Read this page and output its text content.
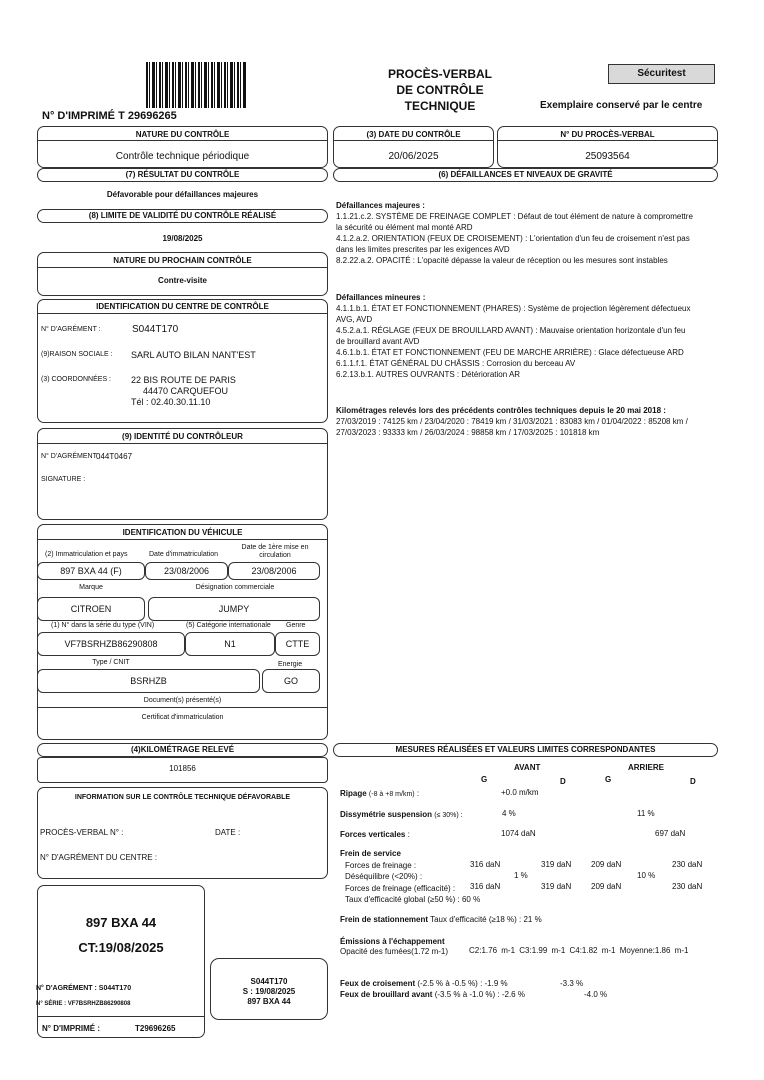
N° D'IMPRIMÉ T 29696265
PROCÈS-VERBAL
DE CONTRÔLE TECHNIQUE
Sécuritest
Exemplaire conservé par le centre
NATURE DU CONTRÔLE
Contrôle technique périodique
(3) DATE DU CONTRÔLE
20/06/2025
N° DU PROCÈS-VERBAL
25093564
(7) RÉSULTAT DU CONTRÔLE
Défavorable pour défaillances majeures
(6) DÉFAILLANCES ET NIVEAUX DE GRAVITÉ
(8) LIMITE DE VALIDITÉ DU CONTRÔLE RÉALISÉ
19/08/2025
NATURE DU PROCHAIN CONTRÔLE
Contre-visite
IDENTIFICATION DU CENTRE DE CONTRÔLE
N° D'AGRÉMENT :	S044T170
(9)RAISON SOCIALE : SARL AUTO BILAN NANT'EST
(3) COORDONNÉES : 22 BIS ROUTE DE PARIS
44470 CARQUEFOU
Tél : 02.40.30.11.10
(9) IDENTITÉ DU CONTRÔLEUR
N° D'AGRÉMENT :
044T0467
SIGNATURE :
IDENTIFICATION DU VÉHICULE
(2) Immatriculation et pays	Date d'immatriculation
Date de 1ère mise en circulation
897 BXA 44 (F)	23/08/2006	23/08/2006
Marque	Désignation commerciale
CITROEN	JUMPY
(1) N° dans la série du type (VIN)	(5) Catégorie internationale Genre
VF7BSRHZB86290808	N1	CTTE
Type / CNIT	Energie
BSRHZB	GO
Document(s) présenté(s)
Certificat d'immatriculation
(4)KILOMÉTRAGE RELEVÉ
101856
INFORMATION SUR LE CONTRÔLE TECHNIQUE DÉFAVORABLE
PROCÈS-VERBAL N° :	DATE :
N° D'AGRÉMENT DU CENTRE :
897 BXA 44
CT:19/08/2025
N° D'AGRÉMENT : S044T170
N° SÉRIE : VF7BSRHZB86290808
N° D'IMPRIMÉ :	T29696265
S044T170
S : 19/08/2025
897 BXA 44
Défaillances majeures :
1.1.21.c.2. SYSTÈME DE FREINAGE COMPLET : Défaut de tout élément de nature à compromettre la sécurité ou élément mal monté ARD
4.1.2.a.2. ORIENTATION (FEUX DE CROISEMENT) : L'orientation d'un feu de croisement n'est pas dans les limites prescrites par les exigences AVD
8.2.22.a.2. OPACITÉ : L'opacité dépasse la valeur de réception ou les mesures sont instables
Défaillances mineures :
4.1.1.b.1. ÉTAT ET FONCTIONNEMENT (PHARES) : Système de projection légèrement défectueux AVG, AVD
4.5.2.a.1. RÉGLAGE (FEUX DE BROUILLARD AVANT) : Mauvaise orientation horizontale d'un feu de brouillard avant AVD
4.6.1.b.1. ÉTAT ET FONCTIONNEMENT (FEU DE MARCHE ARRIÈRE) : Glace défectueuse ARD
6.1.1.f.1. ÉTAT GÉNÉRAL DU CHÂSSIS : Corrosion du berceau AV
6.2.13.b.1. AUTRES OUVRANTS : Détérioration AR
Kilométrages relevés lors des précédents contrôles techniques depuis le 20 mai 2018 : 27/03/2019 : 74125 km / 23/04/2020 : 78419 km / 31/03/2021 : 83083 km / 01/04/2022 : 85208 km / 27/03/2023 : 93333 km / 26/03/2024 : 98858 km / 17/03/2025 : 101818 km
MESURES RÉALISÉES ET VALEURS LIMITES CORRESPONDANTES
AVANT	ARRIERE
G	D	G	D
Ripage (-8 à +8 m/km) :	+0.0 m/km
Dissymétrie suspension (≤ 30%) :	4 %	11 %
Forces verticales :	1074 daN	697 daN
Frein de service
Forces de freinage :	316 daN	319 daN 209 daN	230 daN
Déséquilibre (<20%) :	1 %	10 %
Forces de freinage (efficacité) : 316 daN	319 daN 209 daN	230 daN
Taux d'efficacité global (≥50 %) : 60 %
Frein de stationnement Taux d'efficacité (≥18 %) : 21 %
Émissions à l'échappement
Opacité des fumées(1.72 m-1)	C2:1.76 m-1 C3:1.99 m-1 C4:1.82 m-1 Moyenne:1.86 m-1
Feux de croisement (-2.5 % à -0.5 %) : -1.9 %	-3.3 %
Feux de brouillard avant (-3.5 % à -1.0 %) : -2.6 %	-4.0 %
